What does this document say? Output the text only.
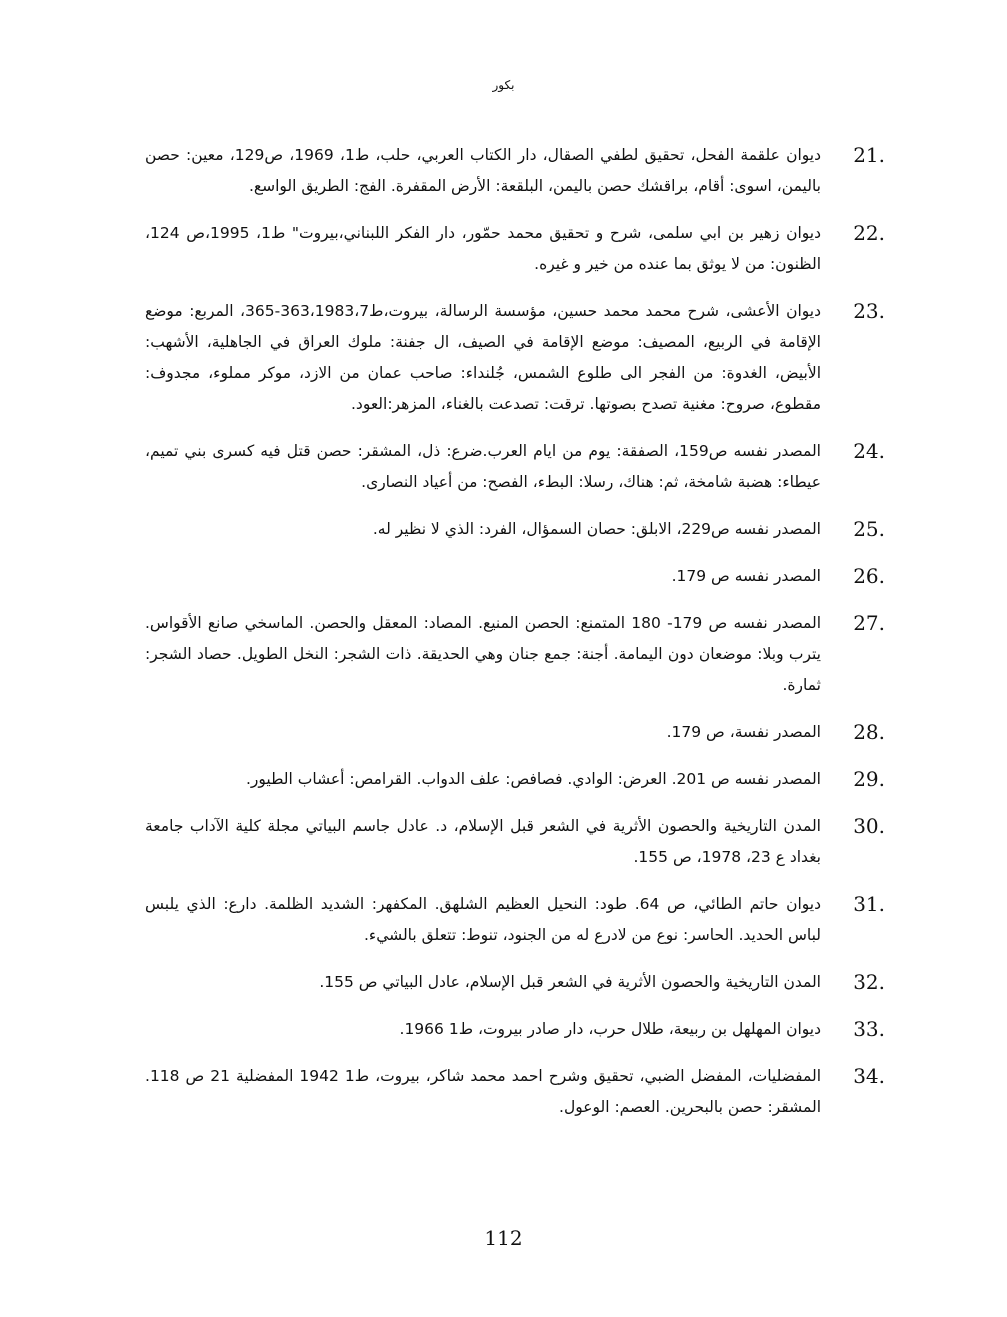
بكور
21.
ديوان علقمة الفحل، تحقيق لطفي الصقال، دار الكتاب العربي، حلب، ط1، 1969، ص129، معين: حصن باليمن، اسوى: أقام، براقشك حصن باليمن، البلقعة: الأرض المقفرة. الفج: الطريق الواسع.
22.
ديوان زهير بن ابي سلمى، شرح و تحقيق محمد حمّور، دار الفكر اللبناني،بيروت" ط1، 1995،ص 124، الظنون: من لا يوثق بما عنده من خير و غيره.
23.
ديوان الأعشى، شرح محمد محمد حسين، مؤسسة الرسالة، بيروت،ط363،1983،7-365، المربع: موضع الإقامة في الربيع، المصيف: موضع الإقامة في الصيف، ال جفنة: ملوك العراق في الجاهلية، الأشهب: الأبيض، الغدوة: من الفجر الى طلوع الشمس، جُلنداء: صاحب عمان من الازد، موكر مملوء، مجدوف: مقطوع، صروح: مغنية تصدح بصوتها. ترقت: تصدعت بالغناء، المزهر:العود.
24.
المصدر نفسه ص159، الصفقة: يوم من ايام العرب.ضرع: ذل، المشقر: حصن قتل فيه كسرى بني تميم، عيطاء: هضبة شامخة، ثم: هناك، رسلا: البطء، الفصح: من أعياد النصارى.
25.
المصدر نفسه ص229، الابلق: حصان السمؤال، الفرد: الذي لا نظير له.
26.
المصدر نفسه ص 179.
27.
المصدر نفسه ص 179- 180 المتمنع: الحصن المنيع. المصاد: المعقل والحصن. الماسخي صانع الأقواس. يترب وبلا: موضعان دون اليمامة. أجنة: جمع جنان وهي الحديقة. ذات الشجر: النخل الطويل. حصاد الشجر: ثمارة.
28.
المصدر نفسة، ص 179.
29.
المصدر نفسه ص 201. العرض: الوادي. فصافص: علف الدواب. القرامص: أعشاب الطيور.
30.
المدن التاريخية والحصون الأثرية في الشعر قبل الإسلام، د. عادل جاسم البياتي مجلة كلية الآداب جامعة بغداد ع 23، 1978، ص 155.
31.
ديوان حاتم الطائي، ص 64. طود: النحيل العظيم الشلهق. المكفهر: الشديد الظلمة. دارع: الذي يلبس لباس الحديد. الحاسر: نوع من لادرع له من الجنود، تنوط: تتعلق بالشيء.
32.
المدن التاريخية والحصون الأثرية في الشعر قبل الإسلام، عادل البياتي ص 155.
33.
ديوان المهلهل بن ربيعة، طلال حرب، دار صادر بيروت، ط1 1966.
34.
المفضليات، المفضل الضبي، تحقيق وشرح احمد محمد شاكر، بيروت، ط1 1942 المفضلية 21 ص 118. المشقر: حصن بالبحرين. العصم: الوعول.
112
